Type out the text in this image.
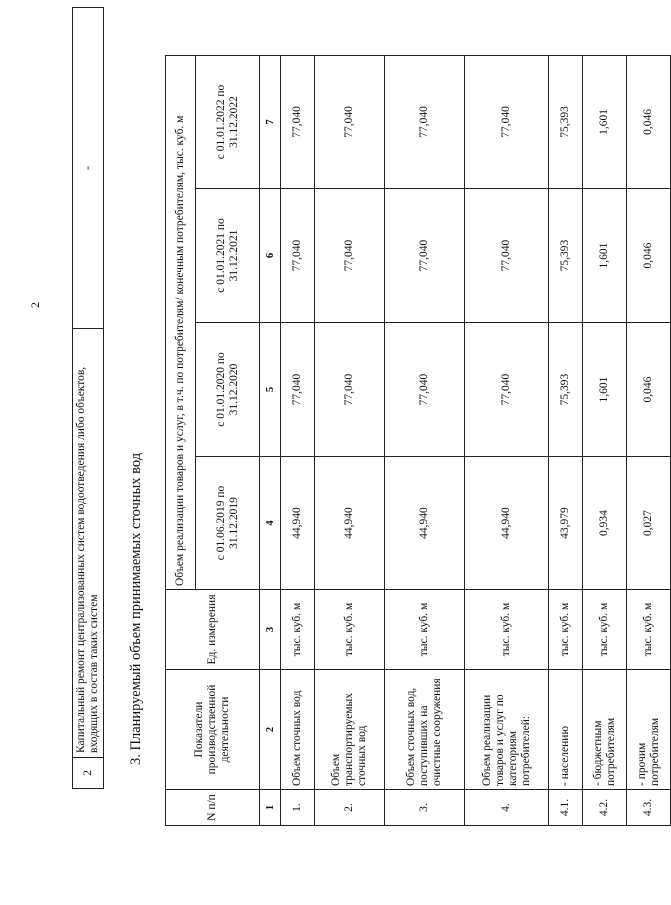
2
2	Капитальный ремонт централизованных систем водоотведения либо объектов, входящих в состав таких систем	-
3. Планируемый объем принимаемых сточных вод
N п/п	Показатели производственной деятельности	Ед. измерения	Объем реализации товаров и услуг, в т.ч. по потребителям/ конечным потребителям, тыс. куб. м			
			с 01.06.2019 по 31.12.2019	с 01.01.2020 по 31.12.2020	с 01.01.2021 по 31.12.2021	с 01.01.2022 по 31.12.2022
1	2	3	4	5	6	7
1.	Объем сточных вод	тыс. куб. м	44,940	77,040	77,040	77,040
2.	Объем транспортируемых сточных вод	тыс. куб. м	44,940	77,040	77,040	77,040
3.	Объем сточных вод, поступивших на очистные сооружения	тыс. куб. м	44,940	77,040	77,040	77,040
4.	Объем реализации товаров и услуг по категориям потребителей:	тыс. куб. м	44,940	77,040	77,040	77,040
4.1.	- населению	тыс. куб. м	43,979	75,393	75,393	75,393
4.2.	- бюджетным потребителям	тыс. куб. м	0,934	1,601	1,601	1,601
4.3.	- прочим потребителям	тыс. куб. м	0,027	0,046	0,046	0,046
